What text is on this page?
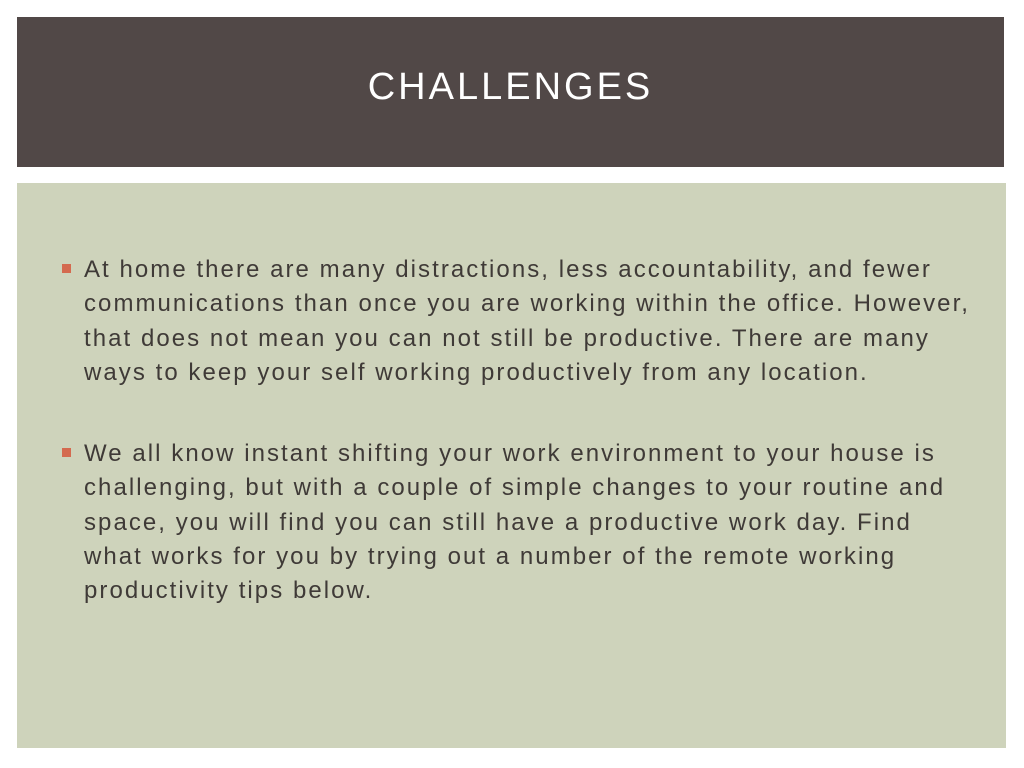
CHALLENGES
At home there are many distractions, less accountability, and fewer communications than once you are working within the office. However, that does not mean you can not still be productive. There are many ways to keep your self working productively from any location.
We all know instant shifting your work environment to your house is challenging, but with a couple of simple changes to your routine and space, you will find you can still have a productive work day. Find what works for you by trying out a number of the remote working productivity tips below.
